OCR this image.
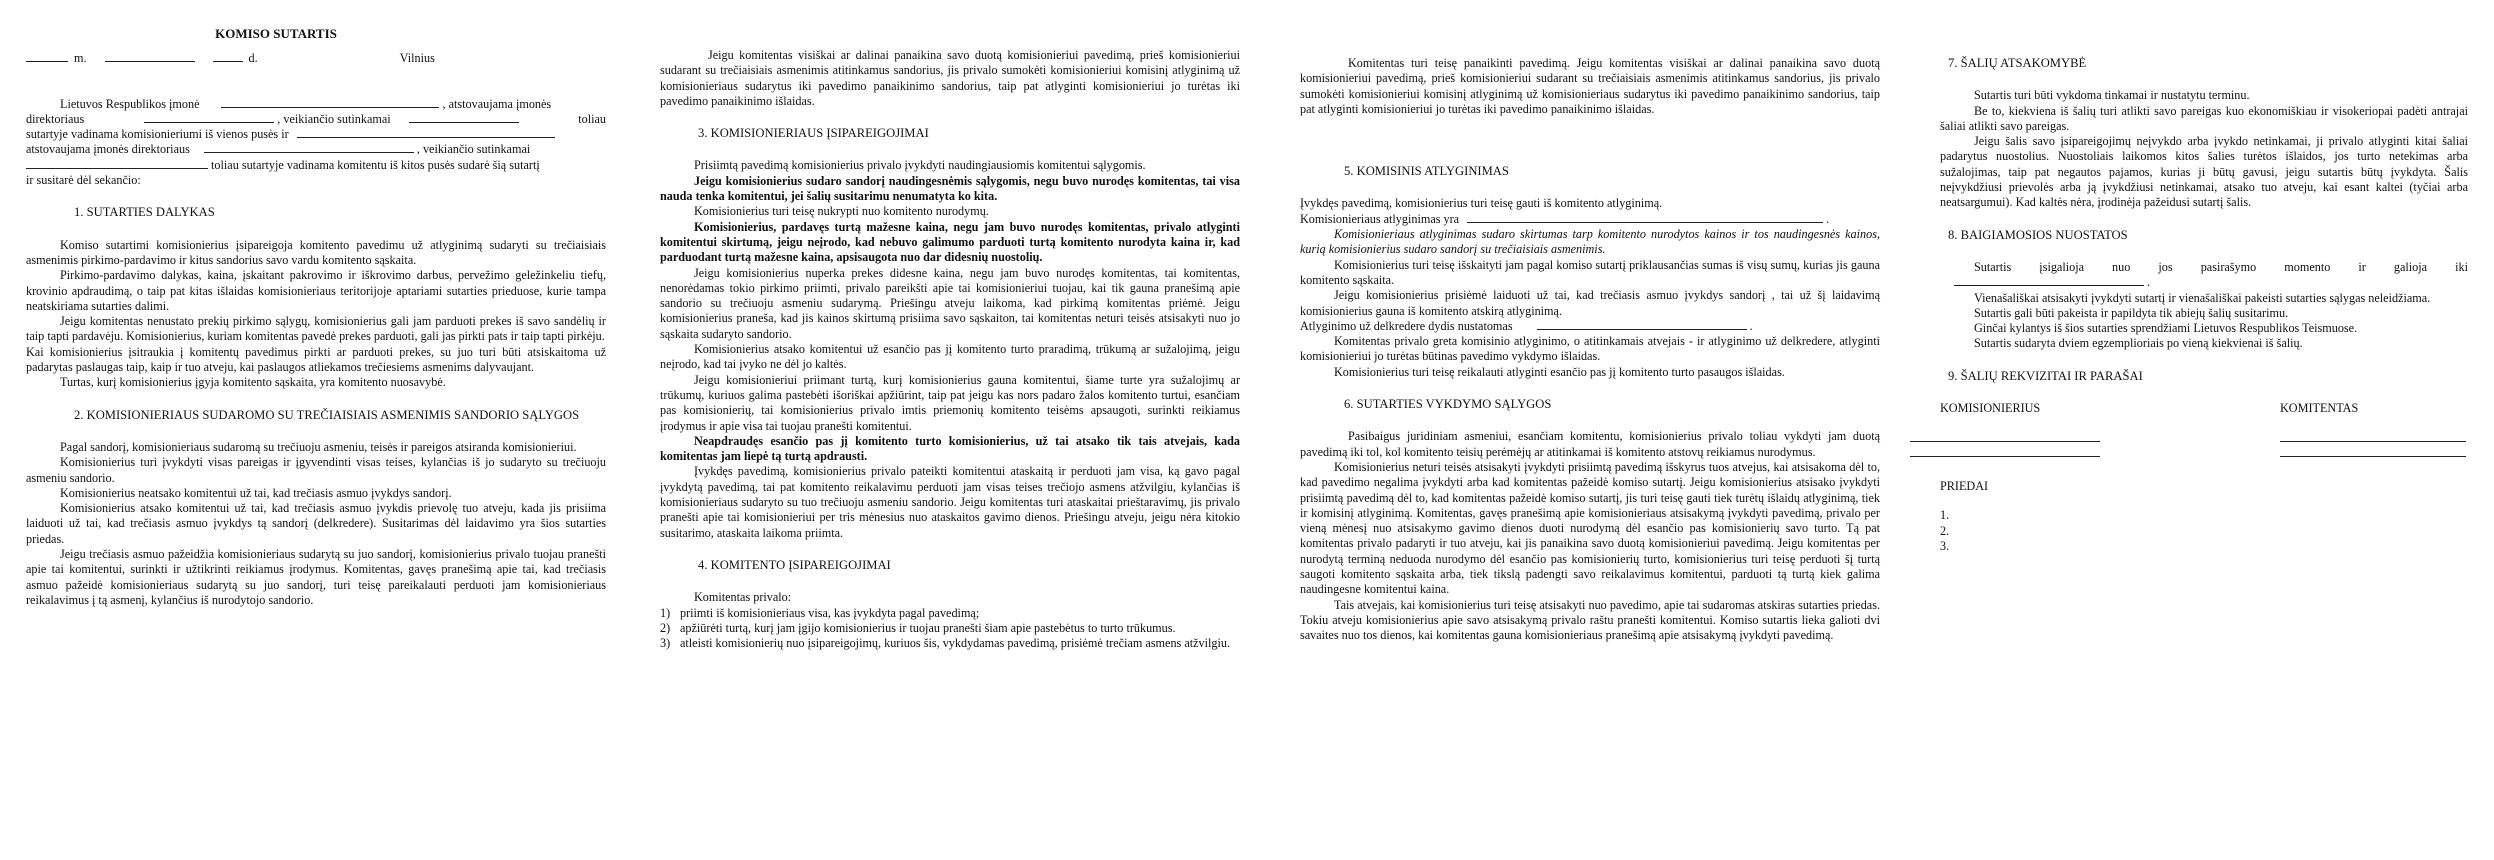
KOMISO SUTARTIS
m.	d.	Vilnius

Lietuvos Respublikos įmonė	, atstovaujama įmonės

direktoriaus	, veikiančio sutinkamai	toliau

sutartyje vadinama komisionieriumi iš vienos pusės ir

atstovaujama įmonės direktoriaus	, veikiančio sutinkamai

toliau sutartyje vadinama komitentu iš kitos pusės sudarė šią sutartį

ir susitarė dėl sekančio:

1. SUTARTIES DALYKAS

Komiso sutartimi komisionierius įsipareigoja komitento pavedimu už atlyginimą sudaryti su trečiaisiais asmenimis pirkimo-pardavimo ir kitus sandorius savo vardu komitento sąskaita.

Pirkimo-pardavimo dalykas, kaina, įskaitant pakrovimo ir iškrovimo darbus, pervežimo geležinkeliu tiefų, krovinio apdraudimą, o taip pat kitas išlaidas komisionieriaus teritorijoje aptariami sutarties prieduose, kurie tampa neatskiriama sutarties dalimi.

Jeigu komitentas nenustato prekių pirkimo sąlygų, komisionierius gali jam parduoti prekes iš savo sandėlių ir taip tapti pardavėju. Komisionierius, kuriam komitentas pavedė prekes parduoti, gali jas pirkti pats ir taip tapti pirkėju.

Kai komisionierius įsitraukia į komitentų pavedimus pirkti ar parduoti prekes, su juo turi būti atsiskaitoma už padarytas paslaugas taip, kaip ir tuo atveju, kai paslaugos atliekamos trečiesiems asmenims dalyvaujant.

Turtas, kurį komisionierius įgyja komitento sąskaita, yra komitento nuosavybė.

2. KOMISIONIERIAUS SUDAROMO SU TREČIAISIAIS ASMENIMIS SANDORIO SĄLYGOS

Pagal sandorį, komisionieriaus sudaromą su trečiuoju asmeniu, teisės ir pareigos atsiranda komisionieriui.

Komisionierius turi įvykdyti visas pareigas ir įgyvendinti visas teises, kylančias iš jo sudaryto su trečiuoju asmeniu sandorio.

Komisionierius neatsako komitentui už tai, kad trečiasis asmuo įvykdys sandorį.

Komisionierius atsako komitentui už tai, kad trečiasis asmuo įvykdis prievolę tuo atveju, kada jis prisiima laiduoti už tai, kad trečiasis asmuo įvykdys tą sandorį (delkredere). Susitarimas dėl laidavimo yra šios sutarties priedas.

Jeigu trečiasis asmuo pažeidžia komisionieriaus sudarytą su juo sandorį, komisionierius privalo tuojau pranešti apie tai komitentui, surinkti ir užtikrinti reikiamus įrodymus. Komitentas, gavęs pranešimą apie tai, kad trečiasis asmuo pažeidė komisionieriaus sudarytą su juo sandorį, turi teisę pareikalauti perduoti jam komisionieriaus reikalavimus į tą asmenį, kylančius iš nurodytojo sandorio.

Jeigu komitentas visiškai ar dalinai panaikina savo duotą komisionieriui pavedimą, prieš komisionieriui sudarant su trečiaisiais asmenimis atitinkamus sandorius, jis privalo sumokėti komisionieriui komisinį atlyginimą už komisionieriaus sudarytus iki pavedimo panaikinimo sandorius, taip pat atlyginti komisionieriui jo turėtas iki pavedimo panaikinimo išlaidas.

3. KOMISIONIERIAUS ĮSIPAREIGOJIMAI

Prisiimtą pavedimą komisionierius privalo įvykdyti naudingiausiomis komitentui sąlygomis.

Jeigu komisionierius sudaro sandorį naudingesnėmis sąlygomis, negu buvo nurodęs komitentas, tai visa nauda tenka komitentui, jei šalių susitarimu nenumatyta ko kita.

Komisionierius turi teisę nukrypti nuo komitento nurodymų.

Komisionierius, pardavęs turtą mažesne kaina, negu jam buvo nurodęs komitentas, privalo atlyginti komitentui skirtumą, jeigu neįrodo, kad nebuvo galimumo parduoti turtą komitento nurodyta kaina ir, kad parduodant turtą mažesne kaina, apsisaugota nuo dar didesnių nuostolių.

Jeigu komisionierius nuperka prekes didesne kaina, negu jam buvo nurodęs komitentas, tai komitentas, nenorėdamas tokio pirkimo priimti, privalo pareikšti apie tai komisionieriui tuojau, kai tik gauna pranešimą apie sandorio su trečiuoju asmeniu sudarymą. Priešingu atveju laikoma, kad pirkimą komitentas priėmė. Jeigu komisionierius praneša, kad jis kainos skirtumą prisiima savo sąskaiton, tai komitentas neturi teisės atsisakyti nuo jo sąskaita sudaryto sandorio.

Komisionierius atsako komitentui už esančio pas jį komitento turto praradimą, trūkumą ar sužalojimą, jeigu neįrodo, kad tai įvyko ne dėl jo kaltės.

Jeigu komisionieriui priimant turtą, kurį komisionierius gauna komitentui, šiame turte yra sužalojimų ar trūkumų, kuriuos galima pastebėti išoriškai apžiūrint, taip pat jeigu kas nors padaro žalos komitento turtui, esančiam pas komisionierių, tai komisionierius privalo imtis priemonių komitento teisėms apsaugoti, surinkti reikiamus įrodymus ir apie visa tai tuojau pranešti komitentui.

Neapdraudęs esančio pas jį komitento turto komisionierius, už tai atsako tik tais atvejais, kada komitentas jam liepė tą turtą apdrausti.

Įvykdęs pavedimą, komisionierius privalo pateikti komitentui ataskaitą ir perduoti jam visa, ką gavo pagal įvykdytą pavedimą, tai pat komitento reikalavimu perduoti jam visas teises trečiojo asmens atžvilgiu, kylančias iš komisionieriaus sudaryto su tuo trečiuoju asmeniu sandorio. Jeigu komitentas turi ataskaitai prieštaravimų, jis privalo pranešti apie tai komisionieriui per tris mėnesius nuo ataskaitos gavimo dienos. Priešingu atveju, jeigu nėra kitokio susitarimo, ataskaita laikoma priimta.

4. KOMITENTO ĮSIPAREIGOJIMAI

Komitentas privalo:

1) priimti iš komisionieriaus visa, kas įvykdyta pagal pavedimą;
2) apžiūrėti turtą, kurį jam įgijo komisionierius ir tuojau pranešti šiam apie pastebėtus to turto trūkumus.
3) atleisti komisionierių nuo įsipareigojimų, kuriuos šis, vykdydamas pavedimą, prisiėmė trečiam asmens atžvilgiu.

Komitentas turi teisę panaikinti pavedimą. Jeigu komitentas visiškai ar dalinai panaikina savo duotą komisionieriui pavedimą, prieš komisionieriui sudarant su trečiaisiais asmenimis atitinkamus sandorius, jis privalo sumokėti komisionieriui komisinį atlyginimą už komisionieriaus sudarytus iki pavedimo panaikinimo sandorius, taip pat atlyginti komisionieriui jo turėtas iki pavedimo panaikinimo išlaidas.

5. KOMISINIS ATLYGINIMAS

Įvykdęs pavedimą, komisionierius turi teisę gauti iš komitento atlyginimą.

Komisionieriaus atlyginimas yra	.

Komisionieriaus atlyginimas sudaro skirtumas tarp komitento nurodytos kainos ir tos naudingesnės kainos, kurią komisionierius sudaro sandorį su trečiaisiais asmenimis.

Komisionierius turi teisę išskaityti jam pagal komiso sutartį priklausančias sumas iš visų sumų, kurias jis gauna komitento sąskaita.

Jeigu komisionierius prisiėmė laiduoti už tai, kad trečiasis asmuo įvykdys sandorį , tai už šį laidavimą komisionierius gauna iš komitento atskirą atlyginimą.

Atlyginimo už delkredere dydis nustatomas	.

Komitentas privalo greta komisinio atlyginimo, o atitinkamais atvejais - ir atlyginimo už delkredere, atlyginti komisionieriui jo turėtas būtinas pavedimo vykdymo išlaidas.

Komisionierius turi teisę reikalauti atlyginti esančio pas jį komitento turto pasaugos išlaidas.

6. SUTARTIES VYKDYMO SĄLYGOS

Pasibaigus juridiniam asmeniui, esančiam komitentu, komisionierius privalo toliau vykdyti jam duotą pavedimą iki tol, kol komitento teisių perėmėjų ar atitinkamai iš komitento atstovų reikiamus nurodymus.

Komisionierius neturi teisės atsisakyti įvykdyti prisiimtą pavedimą išskyrus tuos atvejus, kai atsisakoma dėl to, kad pavedimo negalima įvykdyti arba kad komitentas pažeidė komiso sutartį. Jeigu komisionierius atsisako įvykdyti prisiimtą pavedimą dėl to, kad komitentas pažeidė komiso sutartį, jis turi teisę gauti tiek turėtų išlaidų atlyginimą, tiek ir komisinį atlyginimą. Komitentas, gavęs pranešimą apie komisionieriaus atsisakymą įvykdyti pavedimą, privalo per vieną mėnesį nuo atsisakymo gavimo dienos duoti nurodymą dėl esančio pas komisionierių savo turto. Tą pat komitentas privalo padaryti ir tuo atveju, kai jis panaikina savo duotą komisionieriui pavedimą. Jeigu komitentas per nurodytą terminą neduoda nurodymo dėl esančio pas komisionierių turto, komisionierius turi teisę perduoti šį turtą saugoti komitento sąskaita arba, tiek tikslą padengti savo reikalavimus komitentui, parduoti tą turtą kiek galima naudingesne komitentui kaina.

Tais atvejais, kai komisionierius turi teisę atsisakyti nuo pavedimo, apie tai sudaromas atskiras sutarties priedas. Tokiu atveju komisionierius apie savo atsisakymą privalo raštu pranešti komitentui. Komiso sutartis lieka galioti dvi savaites nuo tos dienos, kai komitentas gauna komisionieriaus pranešimą apie atsisakymą įvykdyti pavedimą.

7. ŠALIŲ ATSAKOMYBĖ

Sutartis turi būti vykdoma tinkamai ir nustatytu terminu.

Be to, kiekviena iš šalių turi atlikti savo pareigas kuo ekonomiškiau ir visokeriopai padėti antrajai šaliai atlikti savo pareigas.

Jeigu šalis savo įsipareigojimų neįvykdo arba įvykdo netinkamai, ji privalo atlyginti kitai šaliai padarytus nuostolius. Nuostoliais laikomos kitos šalies turėtos išlaidos, jos turto netekimas arba sužalojimas, taip pat negautos pajamos, kurias ji būtų gavusi, jeigu sutartis būtų įvykdyta. Šalis neįvykdžiusi prievolės arba ją įvykdžiusi netinkamai, atsako tuo atveju, kai esant kaltei (tyčiai arba neatsargumui). Kad kaltės nėra, įrodinėja pažeidusi sutartį šalis.

8. BAIGIAMOSIOS NUOSTATOS

Sutartis įsigalioja nuo jos pasirašymo momento ir galioja iki .

Vienašališkai atsisakyti įvykdyti sutartį ir vienašališkai pakeisti sutarties sąlygas neleidžiama.

Sutartis gali būti pakeista ir papildyta tik abiejų šalių susitarimu.

Ginčai kylantys iš šios sutarties sprendžiami Lietuvos Respublikos Teismuose.

Sutartis sudaryta dviem egzemplioriais po vieną kiekvienai iš šalių.

9. ŠALIŲ REKVIZITAI IR PARAŠAI
KOMISIONIERIUS	KOMITENTAS
PRIEDAI
1.
2.
3.
